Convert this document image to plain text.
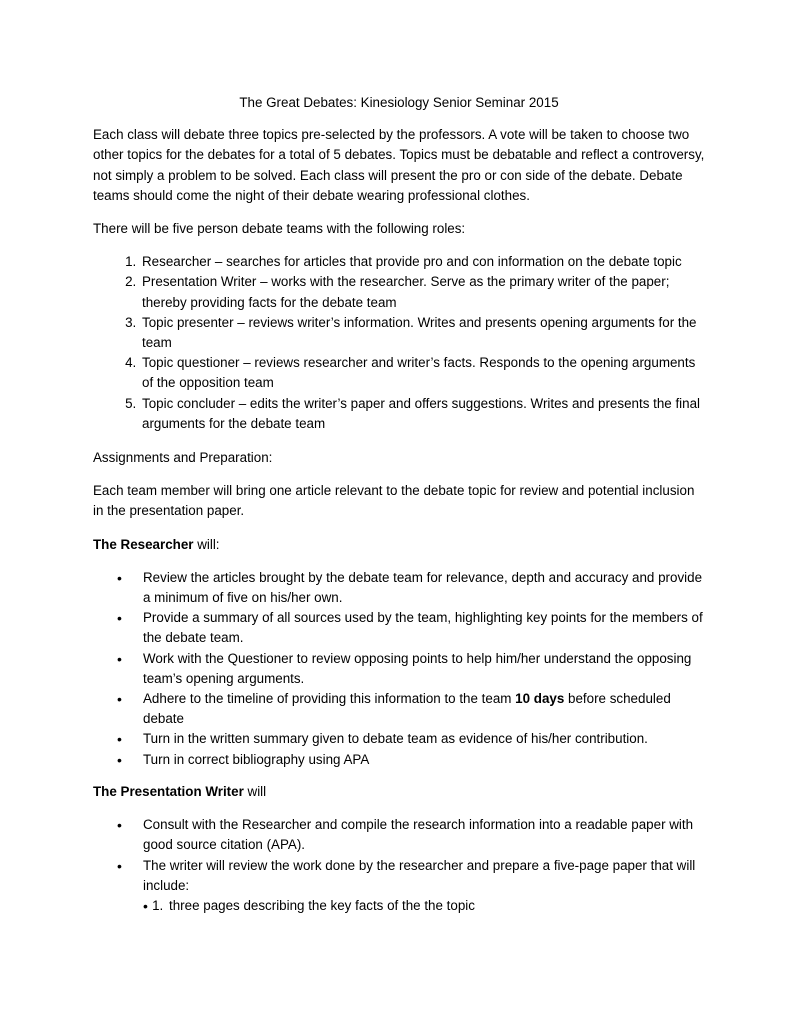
The Great Debates: Kinesiology Senior Seminar 2015

Each class will debate three topics pre-selected by the professors. A vote will be taken to choose two other topics for the debates for a total of 5 debates. Topics must be debatable and reflect a controversy, not simply a problem to be solved. Each class will present the pro or con side of the debate. Debate teams should come the night of their debate wearing professional clothes.

There will be five person debate teams with the following roles:

1. Researcher – searches for articles that provide pro and con information on the debate topic
2. Presentation Writer – works with the researcher. Serve as the primary writer of the paper; thereby providing facts for the debate team
3. Topic presenter – reviews writer’s information. Writes and presents opening arguments for the team
4. Topic questioner – reviews researcher and writer’s facts. Responds to the opening arguments of the opposition team
5. Topic concluder – edits the writer’s paper and offers suggestions. Writes and presents the final arguments for the debate team

Assignments and Preparation:

Each team member will bring one article relevant to the debate topic for review and potential inclusion in the presentation paper.

The Researcher will:
• Review the articles brought by the debate team for relevance, depth and accuracy and provide a minimum of five on his/her own.
• Provide a summary of all sources used by the team, highlighting key points for the members of the debate team.
• Work with the Questioner to review opposing points to help him/her understand the opposing team’s opening arguments.
• Adhere to the timeline of providing this information to the team 10 days before scheduled debate
• Turn in the written summary given to debate team as evidence of his/her contribution.
• Turn in correct bibliography using APA
The Presentation Writer will
• Consult with the Researcher and compile the research information into a readable paper with good source citation (APA).
• The writer will review the work done by the researcher and prepare a five-page paper that will include:
• 1. three pages describing the key facts of the the topic
